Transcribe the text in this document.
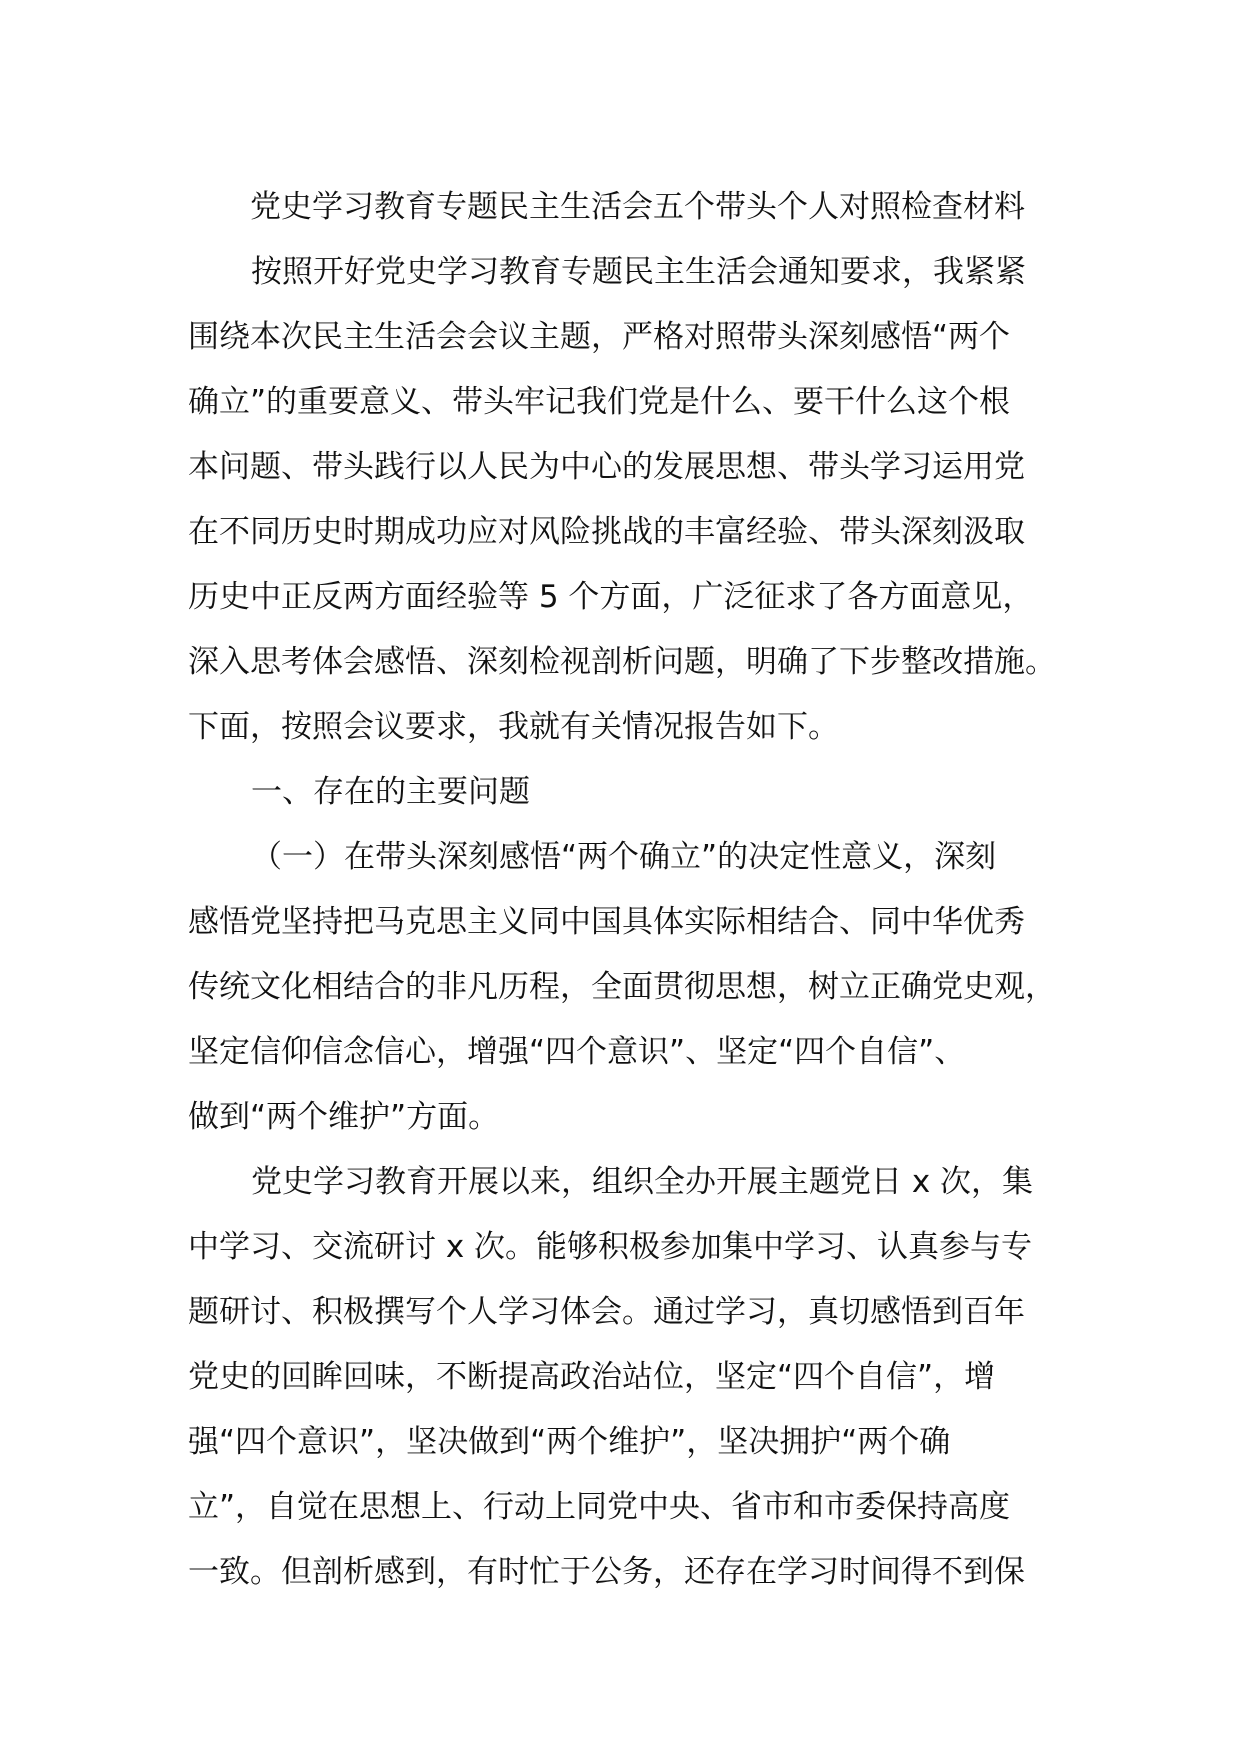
党史学习教育专题民主生活会五个带头个人对照检查材料
按照开好党史学习教育专题民主生活会通知要求，我紧紧
围绕本次民主生活会会议主题，严格对照带头深刻感悟“两个
确立”的重要意义、带头牢记我们党是什么、要干什么这个根
本问题、带头践行以人民为中心的发展思想、带头学习运用党
在不同历史时期成功应对风险挑战的丰富经验、带头深刻汲取
历史中正反两方面经验等 5 个方面，广泛征求了各方面意见，
深入思考体会感悟、深刻检视剖析问题，明确了下步整改措施。
下面，按照会议要求，我就有关情况报告如下。
一、存在的主要问题
（一）在带头深刻感悟“两个确立”的决定性意义，深刻
感悟党坚持把马克思主义同中国具体实际相结合、同中华优秀
传统文化相结合的非凡历程，全面贯彻思想，树立正确党史观，
坚定信仰信念信心，增强“四个意识”、坚定“四个自信”、
做到“两个维护”方面。
党史学习教育开展以来，组织全办开展主题党日 x 次，集
中学习、交流研讨 x 次。能够积极参加集中学习、认真参与专
题研讨、积极撰写个人学习体会。通过学习，真切感悟到百年
党史的回眸回味，不断提高政治站位，坚定“四个自信”，增
强“四个意识”，坚决做到“两个维护”，坚决拥护“两个确
立”，自觉在思想上、行动上同党中央、省市和市委保持高度
一致。但剖析感到，有时忙于公务，还存在学习时间得不到保
